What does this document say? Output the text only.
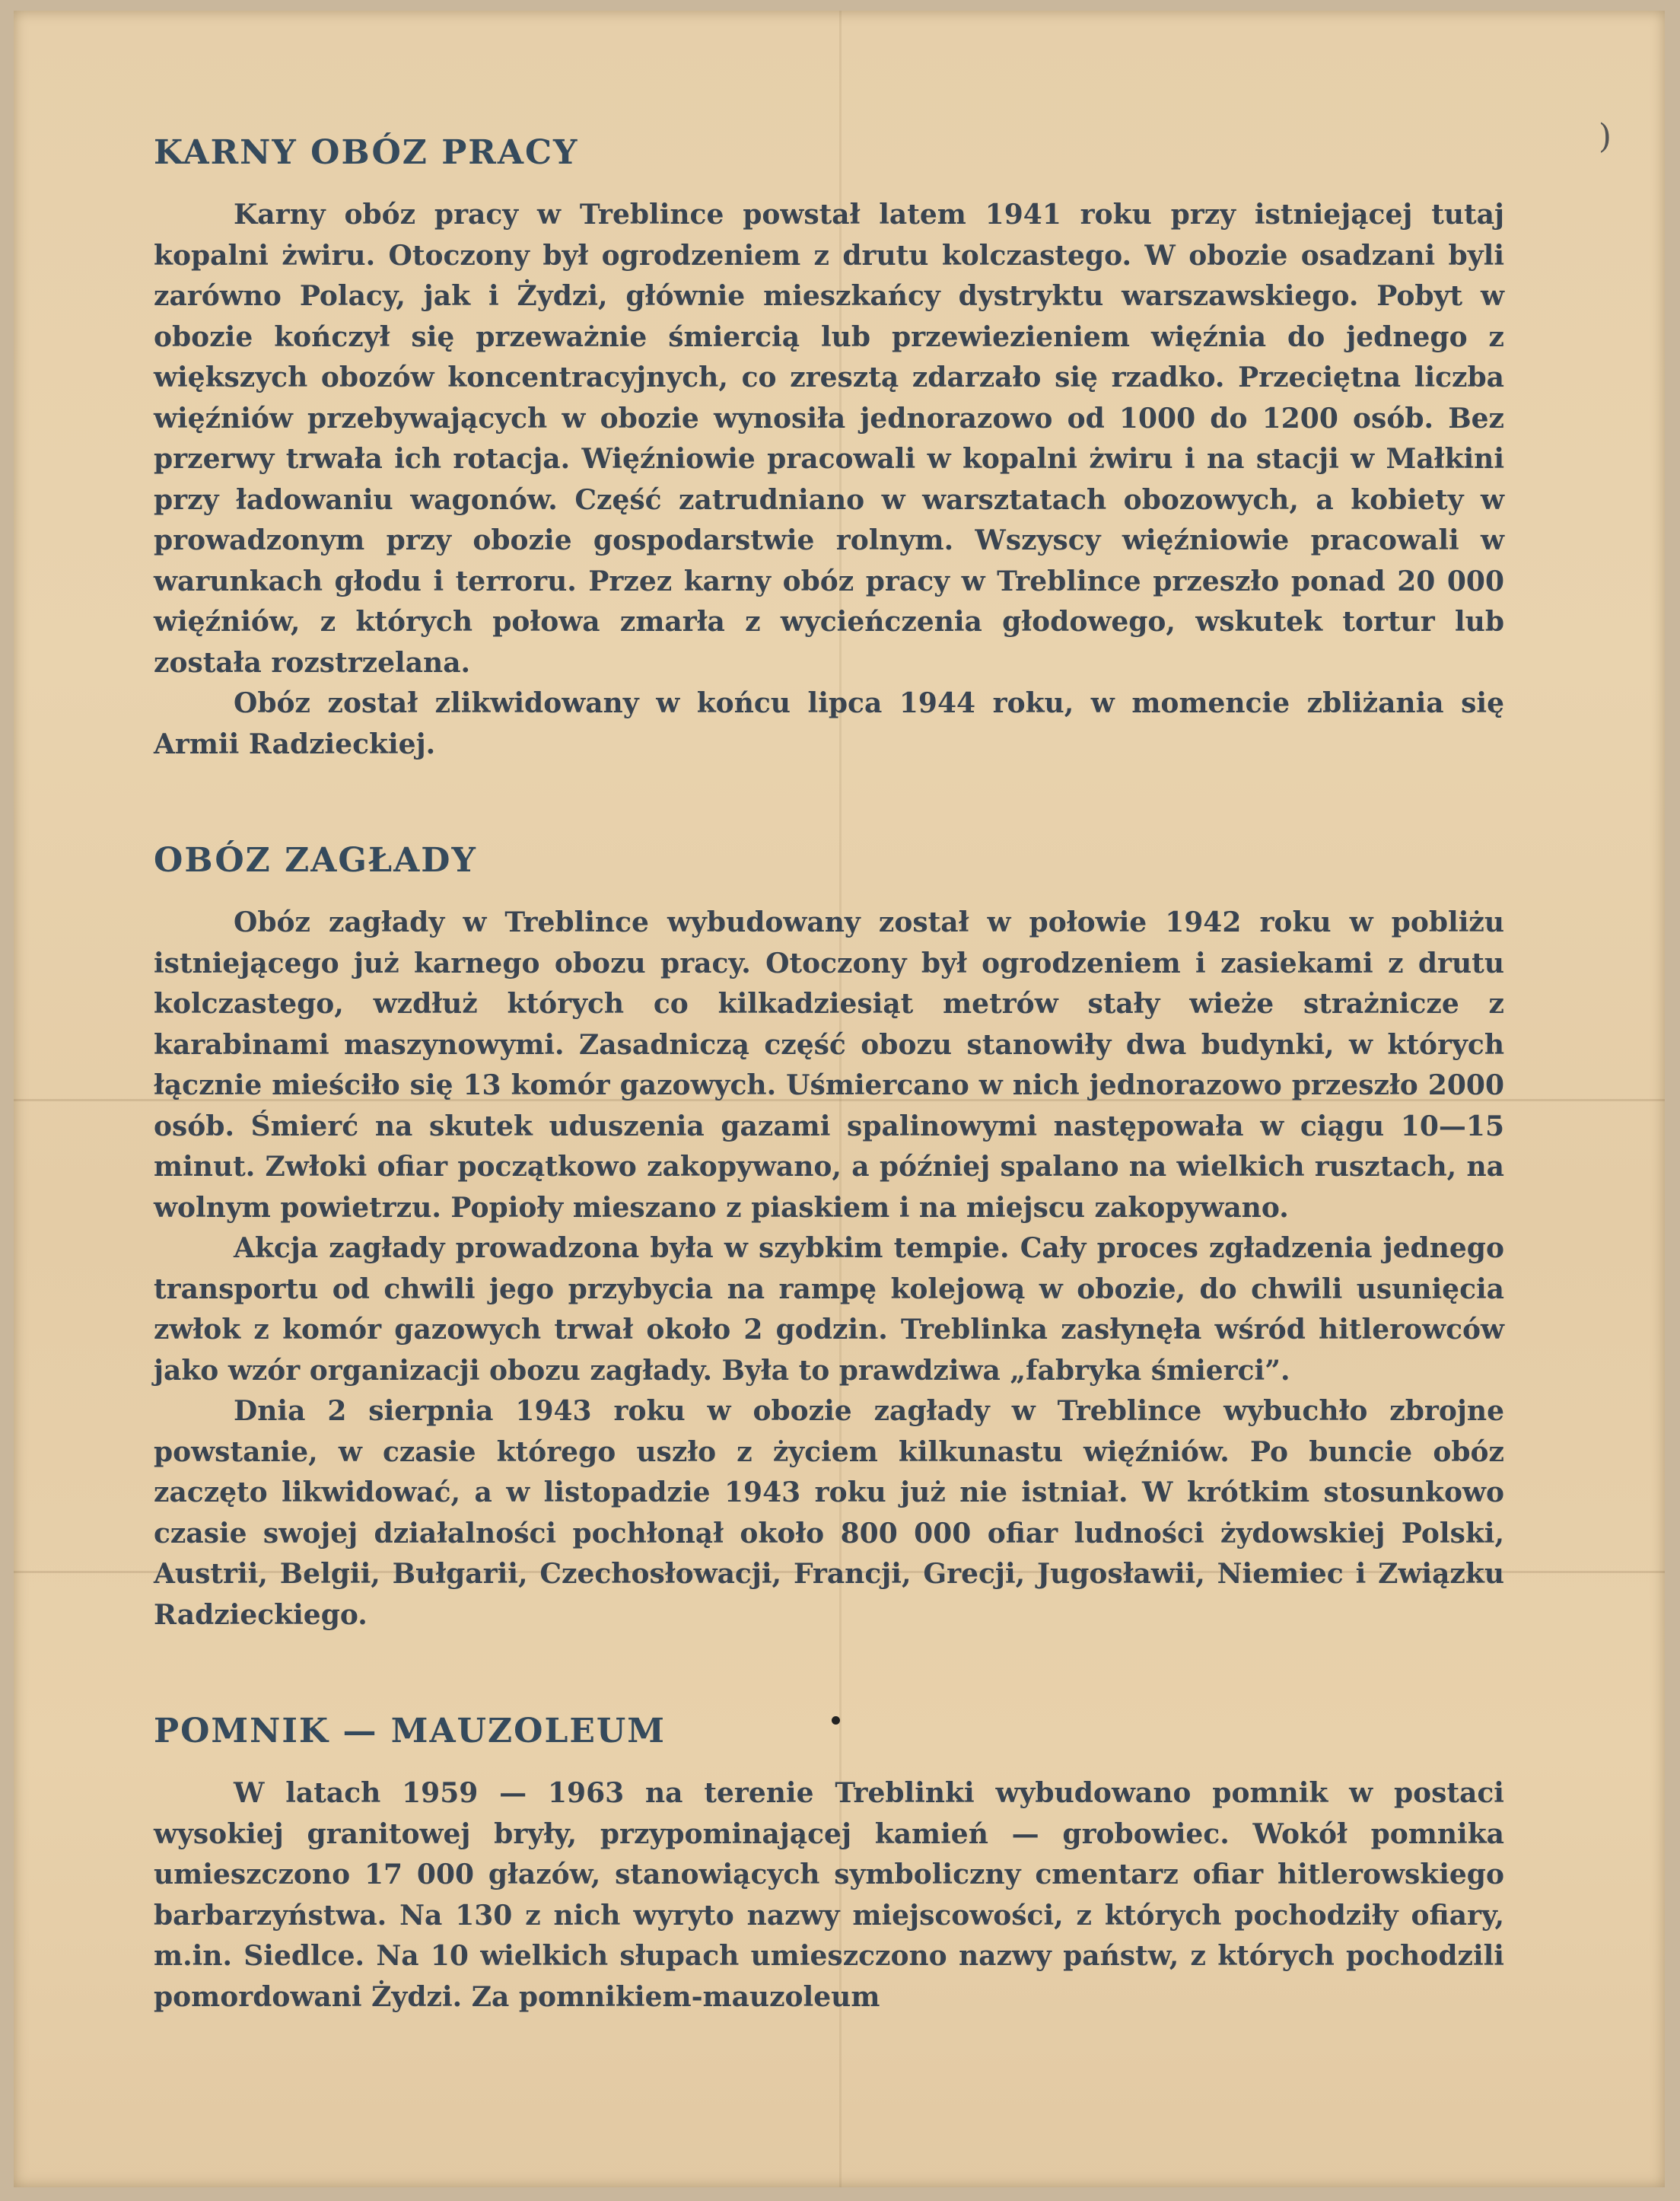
)
KARNY OBÓZ PRACY

Karny obóz pracy w Treblince powstał latem 1941 roku przy istniejącej tutaj kopalni żwiru. Otoczony był ogrodzeniem z drutu kolczastego. W obozie osadzani byli zarówno Polacy, jak i Żydzi, głównie mieszkańcy dystryktu warszawskiego. Pobyt w obozie kończył się przeważnie śmiercią lub przewiezieniem więźnia do jednego z większych obozów koncentracyjnych, co zresztą zdarzało się rzadko. Przeciętna liczba więźniów przebywających w obozie wynosiła jednorazowo od 1000 do 1200 osób. Bez przerwy trwała ich rotacja. Więźniowie pracowali w kopalni żwiru i na stacji w Małkini przy ładowaniu wagonów. Część zatrudniano w warsztatach obozowych, a kobiety w prowadzonym przy obozie gospodarstwie rolnym. Wszyscy więźniowie pracowali w warunkach głodu i terroru. Przez karny obóz pracy w Treblince przeszło ponad 20 000 więźniów, z których połowa zmarła z wycieńczenia głodowego, wskutek tortur lub została rozstrzelana.

Obóz został zlikwidowany w końcu lipca 1944 roku, w momencie zbliżania się Armii Radzieckiej.

OBÓZ ZAGŁADY

Obóz zagłady w Treblince wybudowany został w połowie 1942 roku w pobliżu istniejącego już karnego obozu pracy. Otoczony był ogrodzeniem i zasiekami z drutu kolczastego, wzdłuż których co kilkadziesiąt metrów stały wieże strażnicze z karabinami maszynowymi. Zasadniczą część obozu stanowiły dwa budynki, w których łącznie mieściło się 13 komór gazowych. Uśmiercano w nich jednorazowo przeszło 2000 osób. Śmierć na skutek uduszenia gazami spalinowymi następowała w ciągu 10—15 minut. Zwłoki ofiar początkowo zakopywano, a później spalano na wielkich rusztach, na wolnym powietrzu. Popioły mieszano z piaskiem i na miejscu zakopywano.

Akcja zagłady prowadzona była w szybkim tempie. Cały proces zgładzenia jednego transportu od chwili jego przybycia na rampę kolejową w obozie, do chwili usunięcia zwłok z komór gazowych trwał około 2 godzin. Treblinka zasłynęła wśród hitlerowców jako wzór organizacji obozu zagłady. Była to prawdziwa „fabryka śmierci”.

Dnia 2 sierpnia 1943 roku w obozie zagłady w Treblince wybuchło zbrojne powstanie, w czasie którego uszło z życiem kilkunastu więźniów. Po buncie obóz zaczęto likwidować, a w listopadzie 1943 roku już nie istniał. W krótkim stosunkowo czasie swojej działalności pochłonął około 800 000 ofiar ludności żydowskiej Polski, Austrii, Belgii, Bułgarii, Czechosłowacji, Francji, Grecji, Jugosławii, Niemiec i Związku Radzieckiego.

POMNIK — MAUZOLEUM

W latach 1959 — 1963 na terenie Treblinki wybudowano pomnik w postaci wysokiej granitowej bryły, przypominającej kamień — grobowiec. Wokół pomnika umieszczono 17 000 głazów, stanowiących symboliczny cmentarz ofiar hitlerowskiego barbarzyństwa. Na 130 z nich wyryto nazwy miejscowości, z których pochodziły ofiary, m.in. Siedlce. Na 10 wielkich słupach umieszczono nazwy państw, z których pochodzili pomordowani Żydzi. Za pomnikiem-mauzoleum
